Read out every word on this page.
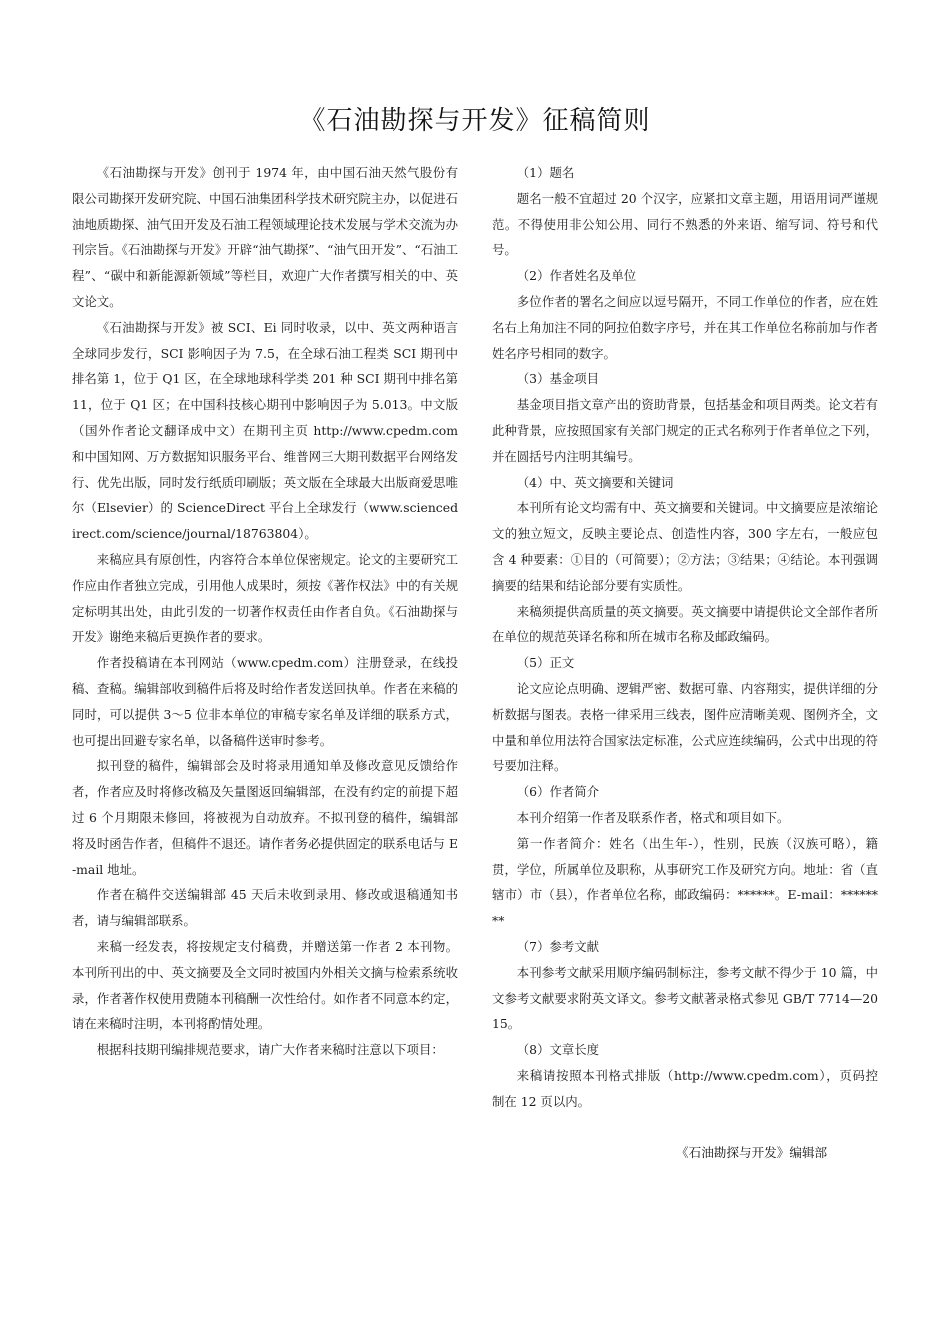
《石油勘探与开发》征稿简则

《石油勘探与开发》创刊于 1974 年，由中国石油天然气股份有限公司勘探开发研究院、中国石油集团科学技术研究院主办，以促进石油地质勘探、油气田开发及石油工程领域理论技术发展与学术交流为办刊宗旨。《石油勘探与开发》开辟“油气勘探”、“油气田开发”、“石油工程”、“碳中和新能源新领域”等栏目，欢迎广大作者撰写相关的中、英文论文。

《石油勘探与开发》被 SCI、Ei 同时收录，以中、英文两种语言全球同步发行，SCI 影响因子为 7.5，在全球石油工程类 SCI 期刊中排名第 1，位于 Q1 区，在全球地球科学类 201 种 SCI 期刊中排名第 11，位于 Q1 区；在中国科技核心期刊中影响因子为 5.013。中文版（国外作者论文翻译成中文）在期刊主页 http://www.cpedm.com 和中国知网、万方数据知识服务平台、维普网三大期刊数据平台网络发行、优先出版，同时发行纸质印刷版；英文版在全球最大出版商爱思唯尔（Elsevier）的 ScienceDirect 平台上全球发行（www.sciencedirect.com/science/journal/18763804）。

来稿应具有原创性，内容符合本单位保密规定。论文的主要研究工作应由作者独立完成，引用他人成果时，须按《著作权法》中的有关规定标明其出处，由此引发的一切著作权责任由作者自负。《石油勘探与开发》谢绝来稿后更换作者的要求。

作者投稿请在本刊网站（www.cpedm.com）注册登录，在线投稿、查稿。编辑部收到稿件后将及时给作者发送回执单。作者在来稿的同时，可以提供 3～5 位非本单位的审稿专家名单及详细的联系方式，也可提出回避专家名单，以备稿件送审时参考。

拟刊登的稿件，编辑部会及时将录用通知单及修改意见反馈给作者，作者应及时将修改稿及矢量图返回编辑部，在没有约定的前提下超过 6 个月期限未修回，将被视为自动放弃。不拟刊登的稿件，编辑部将及时函告作者，但稿件不退还。请作者务必提供固定的联系电话与 E-mail 地址。

作者在稿件交送编辑部 45 天后未收到录用、修改或退稿通知书者，请与编辑部联系。

来稿一经发表，将按规定支付稿费，并赠送第一作者 2 本刊物。本刊所刊出的中、英文摘要及全文同时被国内外相关文摘与检索系统收录，作者著作权使用费随本刊稿酬一次性给付。如作者不同意本约定，请在来稿时注明，本刊将酌情处理。

根据科技期刊编排规范要求，请广大作者来稿时注意以下项目：

（1）题名

题名一般不宜超过 20 个汉字，应紧扣文章主题，用语用词严谨规范。不得使用非公知公用、同行不熟悉的外来语、缩写词、符号和代号。

（2）作者姓名及单位

多位作者的署名之间应以逗号隔开，不同工作单位的作者，应在姓名右上角加注不同的阿拉伯数字序号，并在其工作单位名称前加与作者姓名序号相同的数字。

（3）基金项目

基金项目指文章产出的资助背景，包括基金和项目两类。论文若有此种背景，应按照国家有关部门规定的正式名称列于作者单位之下列，并在圆括号内注明其编号。

（4）中、英文摘要和关键词

本刊所有论文均需有中、英文摘要和关键词。中文摘要应是浓缩论文的独立短文，反映主要论点、创造性内容，300 字左右，一般应包含 4 种要素：①目的（可简要）；②方法；③结果；④结论。本刊强调摘要的结果和结论部分要有实质性。

来稿须提供高质量的英文摘要。英文摘要中请提供论文全部作者所在单位的规范英译名称和所在城市名称及邮政编码。

（5）正文

论文应论点明确、逻辑严密、数据可靠、内容翔实，提供详细的分析数据与图表。表格一律采用三线表，图件应清晰美观、图例齐全，文中量和单位用法符合国家法定标准，公式应连续编码，公式中出现的符号要加注释。

（6）作者简介

本刊介绍第一作者及联系作者，格式和项目如下。

第一作者简介：姓名（出生年-），性别，民族（汉族可略），籍贯，学位，所属单位及职称，从事研究工作及研究方向。地址：省（直辖市）市（县），作者单位名称，邮政编码：******。E-mail：********

（7）参考文献

本刊参考文献采用顺序编码制标注，参考文献不得少于 10 篇，中文参考文献要求附英文译文。参考文献著录格式参见 GB/T 7714—2015。

（8）文章长度

来稿请按照本刊格式排版（http://www.cpedm.com），页码控制在 12 页以内。

《石油勘探与开发》编辑部
